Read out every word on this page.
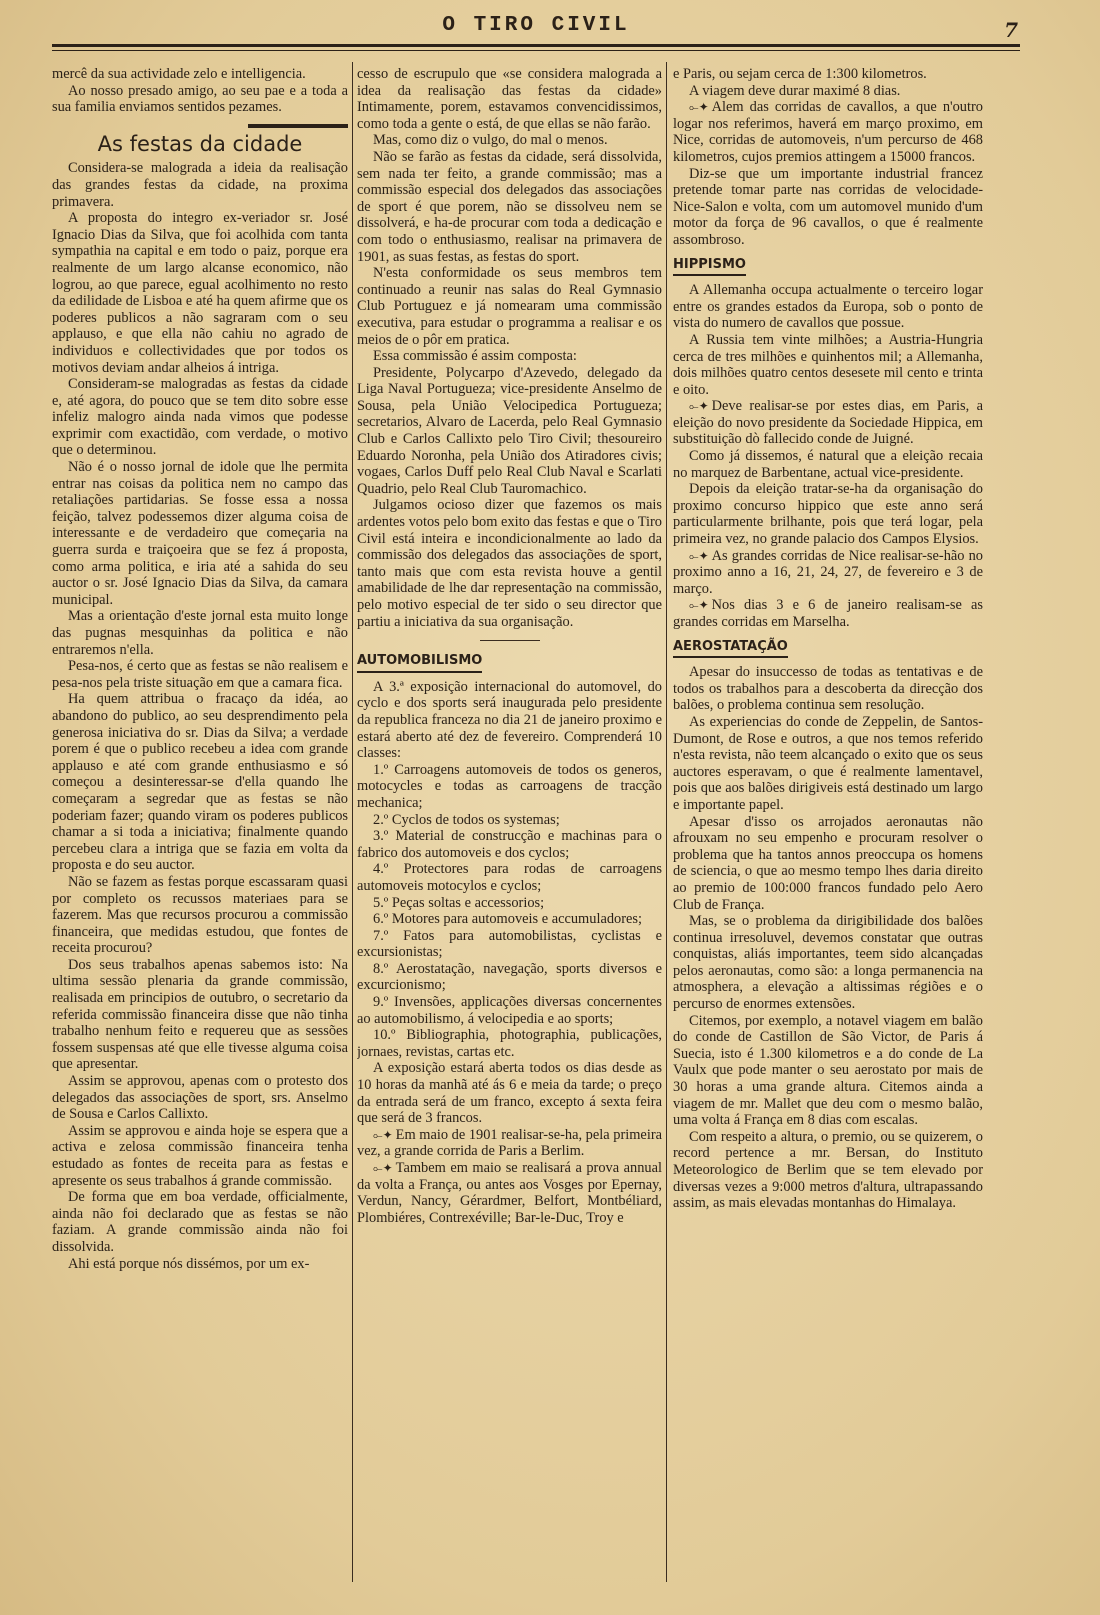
O TIRO CIVIL	7

mercê da sua actividade zelo e intelligencia.

Ao nosso presado amigo, ao seu pae e a toda a sua familia enviamos sentidos pezames.

As festas da cidade

Considera-se malograda a ideia da realisação das grandes festas da cidade, na proxima primavera.

A proposta do integro ex-veriador sr. José Ignacio Dias da Silva, que foi acolhida com tanta sympathia na capital e em todo o paiz, porque era realmente de um largo alcanse economico, não logrou, ao que parece, egual acolhimento no resto da edilidade de Lisboa e até ha quem afirme que os poderes publicos a não sagraram com o seu applauso, e que ella não cahiu no agrado de individuos e collectividades que por todos os motivos deviam andar alheios á intriga.

Consideram-se malogradas as festas da cidade e, até agora, do pouco que se tem dito sobre esse infeliz malogro ainda nada vimos que podesse exprimir com exactidão, com verdade, o motivo que o determinou.

Não é o nosso jornal de idole que lhe permita entrar nas coisas da politica nem no campo das retaliações partidarias. Se fosse essa a nossa feição, talvez podessemos dizer alguma coisa de interessante e de verdadeiro que começaria na guerra surda e traiçoeira que se fez á proposta, como arma politica, e iria até a sahida do seu auctor o sr. José Ignacio Dias da Silva, da camara municipal.

Mas a orientação d'este jornal esta muito longe das pugnas mesquinhas da politica e não entraremos n'ella.

Pesa-nos, é certo que as festas se não realisem e pesa-nos pela triste situação em que a camara fica.

Ha quem attribua o fracaço da idéa, ao abandono do publico, ao seu desprendimento pela generosa iniciativa do sr. Dias da Silva; a verdade porem é que o publico recebeu a idea com grande applauso e até com grande enthusiasmo e só começou a desinteressar-se d'ella quando lhe começaram a segredar que as festas se não poderiam fazer; quando viram os poderes publicos chamar a si toda a iniciativa; finalmente quando percebeu clara a intriga que se fazia em volta da proposta e do seu auctor.

Não se fazem as festas porque escassaram quasi por completo os recussos materiaes para se fazerem. Mas que recursos procurou a commissão financeira, que medidas estudou, que fontes de receita procurou?

Dos seus trabalhos apenas sabemos isto: Na ultima sessão plenaria da grande commissão, realisada em principios de outubro, o secretario da referida commissão financeira disse que não tinha trabalho nenhum feito e requereu que as sessões fossem suspensas até que elle tivesse alguma coisa que apresentar.

Assim se approvou, apenas com o protesto dos delegados das associações de sport, srs. Anselmo de Sousa e Carlos Callixto.

Assim se approvou e ainda hoje se espera que a activa e zelosa commissão financeira tenha estudado as fontes de receita para as festas e apresente os seus trabalhos á grande commissão.

De forma que em boa verdade, officialmente, ainda não foi declarado que as festas se não faziam. A grande commissão ainda não foi dissolvida.

Ahi está porque nós dissémos, por um ex-

cesso de escrupulo que «se considera malograda a idea da realisação das festas da cidade» Intimamente, porem, estavamos convencidissimos, como toda a gente o está, de que ellas se não farão.

Mas, como diz o vulgo, do mal o menos.

Não se farão as festas da cidade, será dissolvida, sem nada ter feito, a grande commissão; mas a commissão especial dos delegados das associações de sport é que porem, não se dissolveu nem se dissolverá, e ha-de procurar com toda a dedicação e com todo o enthusiasmo, realisar na primavera de 1901, as suas festas, as festas do sport.

N'esta conformidade os seus membros tem continuado a reunir nas salas do Real Gymnasio Club Portuguez e já nomearam uma commissão executiva, para estudar o programma a realisar e os meios de o pôr em pratica.

Essa commissão é assim composta:

Presidente, Polycarpo d'Azevedo, delegado da Liga Naval Portugueza; vice-presidente Anselmo de Sousa, pela União Velocipedica Portugueza; secretarios, Alvaro de Lacerda, pelo Real Gymnasio Club e Carlos Callixto pelo Tiro Civil; thesoureiro Eduardo Noronha, pela União dos Atiradores civis; vogaes, Carlos Duff pelo Real Club Naval e Scarlati Quadrio, pelo Real Club Tauromachico.

Julgamos ocioso dizer que fazemos os mais ardentes votos pelo bom exito das festas e que o Tiro Civil está inteira e incondicionalmente ao lado da commissão dos delegados das associações de sport, tanto mais que com esta revista houve a gentil amabilidade de lhe dar representação na commissão, pelo motivo especial de ter sido o seu director que partiu a iniciativa da sua organisação.

AUTOMOBILISMO

A 3.ª exposição internacional do automovel, do cyclo e dos sports será inaugurada pelo presidente da republica franceza no dia 21 de janeiro proximo e estará aberto até dez de fevereiro. Comprenderá 10 classes:

1.º Carroagens automoveis de todos os generos, motocycles e todas as carroagens de tracção mechanica;

2.º Cyclos de todos os systemas;

3.º Material de construcção e machinas para o fabrico dos automoveis e dos cyclos;

4.º Protectores para rodas de carroagens automoveis motocylos e cyclos;

5.º Peças soltas e accessorios;

6.º Motores para automoveis e accumuladores;

7.º Fatos para automobilistas, cyclistas e excursionistas;

8.º Aerostatação, navegação, sports diversos e excurcionismo;

9.º Invensões, applicações diversas concernentes ao automobilismo, á velocipedia e ao sports;

10.º Bibliographia, photographia, publicações, jornaes, revistas, cartas etc.

A exposição estará aberta todos os dias desde as 10 horas da manhã até ás 6 e meia da tarde; o preço da entrada será de um franco, excepto á sexta feira que será de 3 francos.

⟜✦ Em maio de 1901 realisar-se-ha, pela primeira vez, a grande corrida de Paris a Berlim.

⟜✦ Tambem em maio se realisará a prova annual da volta a França, ou antes aos Vosges por Epernay, Verdun, Nancy, Gérardmer, Belfort, Montbéliard, Plombiéres, Contrexéville; Bar-le-Duc, Troy e

e Paris, ou sejam cerca de 1:300 kilometros.

A viagem deve durar maximé 8 dias.

⟜✦ Alem das corridas de cavallos, a que n'outro logar nos referimos, haverá em março proximo, em Nice, corridas de automoveis, n'um percurso de 468 kilometros, cujos premios attingem a 15000 francos.

Diz-se que um importante industrial francez pretende tomar parte nas corridas de velocidade-Nice-Salon e volta, com um automovel munido d'um motor da força de 96 cavallos, o que é realmente assombroso.

HIPPISMO

A Allemanha occupa actualmente o terceiro logar entre os grandes estados da Europa, sob o ponto de vista do numero de cavallos que possue.

A Russia tem vinte milhões; a Austria-Hungria cerca de tres milhões e quinhentos mil; a Allemanha, dois milhões quatro centos desesete mil cento e trinta e oito.

⟜✦ Deve realisar-se por estes dias, em Paris, a eleição do novo presidente da Sociedade Hippica, em substituição dò fallecido conde de Juigné.

Como já dissemos, é natural que a eleição recaia no marquez de Barbentane, actual vice-presidente.

Depois da eleição tratar-se-ha da organisação do proximo concurso hippico que este anno será particularmente brilhante, pois que terá logar, pela primeira vez, no grande palacio dos Campos Elysios.

⟜✦ As grandes corridas de Nice realisar-se-hão no proximo anno a 16, 21, 24, 27, de fevereiro e 3 de março.

⟜✦ Nos dias 3 e 6 de janeiro realisam-se as grandes corridas em Marselha.

AEROSTATAÇÃO

Apesar do insuccesso de todas as tentativas e de todos os trabalhos para a descoberta da direcção dos balões, o problema continua sem resolução.

As experiencias do conde de Zeppelin, de Santos-Dumont, de Rose e outros, a que nos temos referido n'esta revista, não teem alcançado o exito que os seus auctores esperavam, o que é realmente lamentavel, pois que aos balões dirigiveis está destinado um largo e importante papel.

Apesar d'isso os arrojados aeronautas não afrouxam no seu empenho e procuram resolver o problema que ha tantos annos preoccupa os homens de sciencia, o que ao mesmo tempo lhes daria direito ao premio de 100:000 francos fundado pelo Aero Club de França.

Mas, se o problema da dirigibilidade dos balões continua irresoluvel, devemos constatar que outras conquistas, aliás importantes, teem sido alcançadas pelos aeronautas, como são: a longa permanencia na atmosphera, a elevação a altissimas régiões e o percurso de enormes extensões.

Citemos, por exemplo, a notavel viagem em balão do conde de Castillon de São Victor, de Paris á Suecia, isto é 1.300 kilometros e a do conde de La Vaulx que pode manter o seu aerostato por mais de 30 horas a uma grande altura. Citemos ainda a viagem de mr. Mallet que deu com o mesmo balão, uma volta á França em 8 dias com escalas.

Com respeito a altura, o premio, ou se quizerem, o record pertence a mr. Bersan, do Instituto Meteorologico de Berlim que se tem elevado por diversas vezes a 9:000 metros d'altura, ultrapassando assim, as mais elevadas montanhas do Himalaya.
